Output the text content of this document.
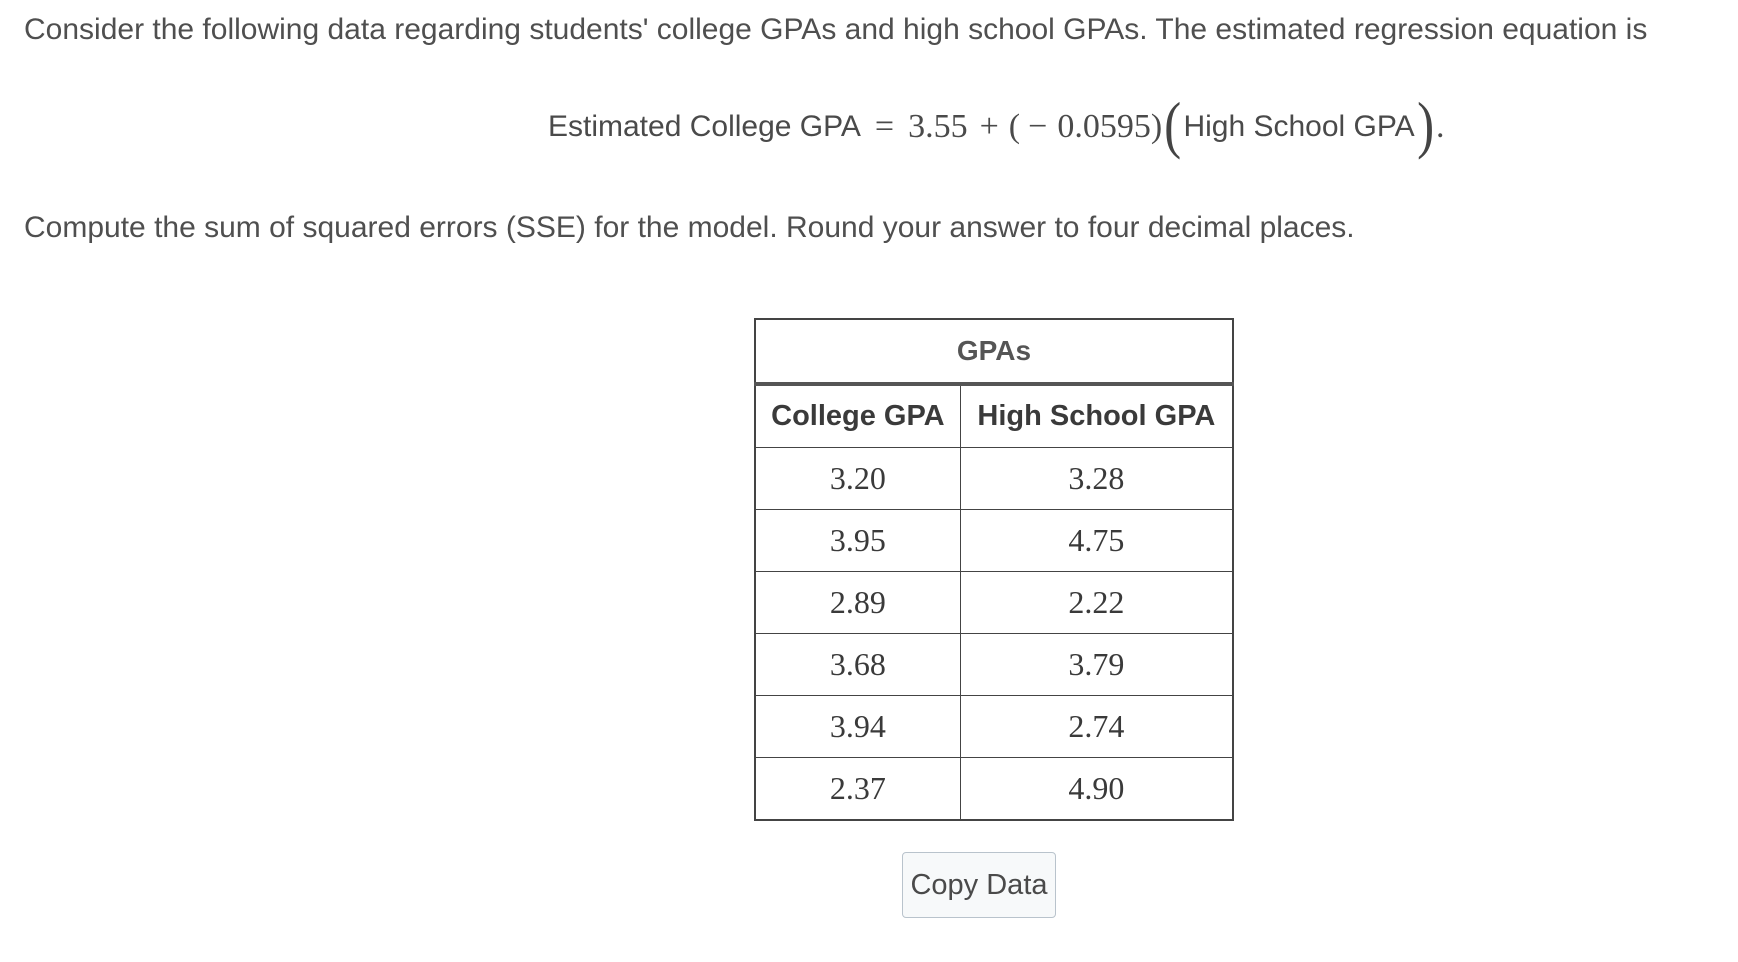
Consider the following data regarding students' college GPAs and high school GPAs. The estimated regression equation is
Estimated College GPA = 3.55 + ( − 0.0595 ) ( High School GPA ) .
Compute the sum of squared errors (SSE) for the model. Round your answer to four decimal places.
GPAs	
College GPA	High School GPA
3.20	3.28
3.95	4.75
2.89	2.22
3.68	3.79
3.94	2.74
2.37	4.90
Copy Data
